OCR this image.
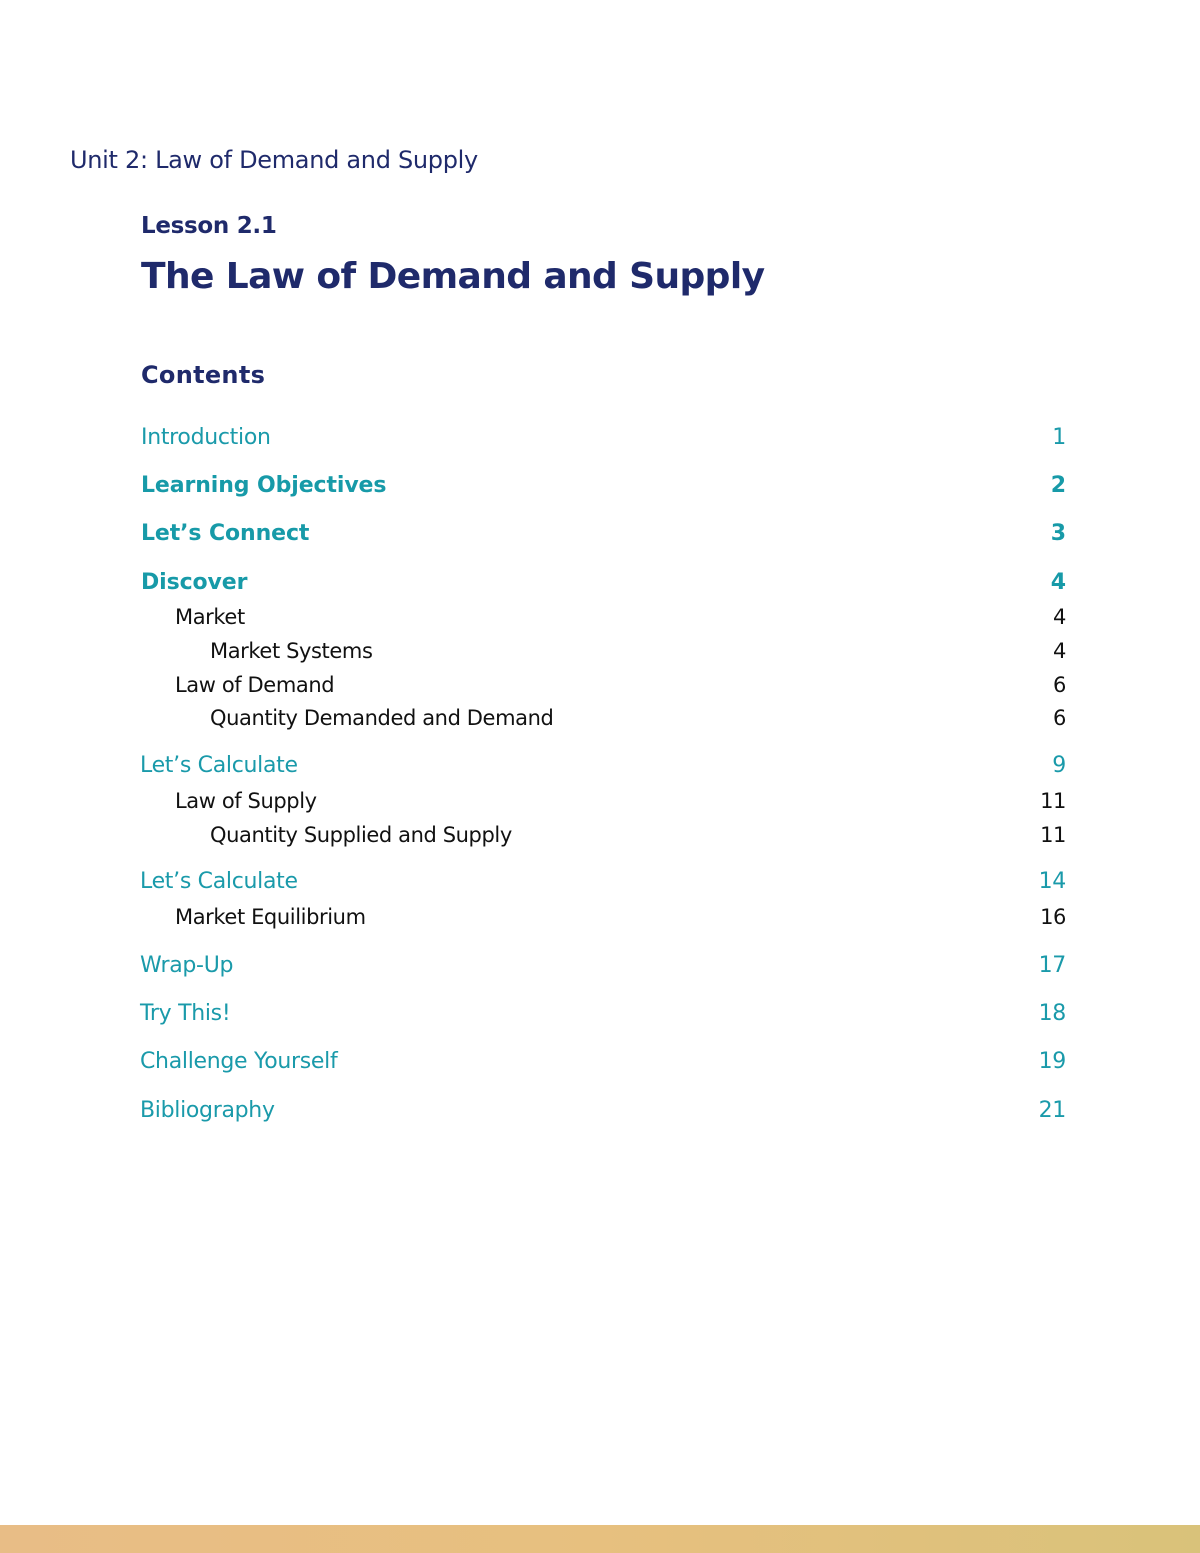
Unit 2: Law of Demand and Supply
Lesson 2.1
The Law of Demand and Supply
Contents
Introduction	1
Learning Objectives	2
Let’s Connect	3
Discover	4
Market	4
Market Systems	4
Law of Demand	6
Quantity Demanded and Demand	6
Let’s Calculate	9
Law of Supply	11
Quantity Supplied and Supply	11
Let’s Calculate	14
Market Equilibrium	16
Wrap-Up	17
Try This!	18
Challenge Yourself	19
Bibliography	21
